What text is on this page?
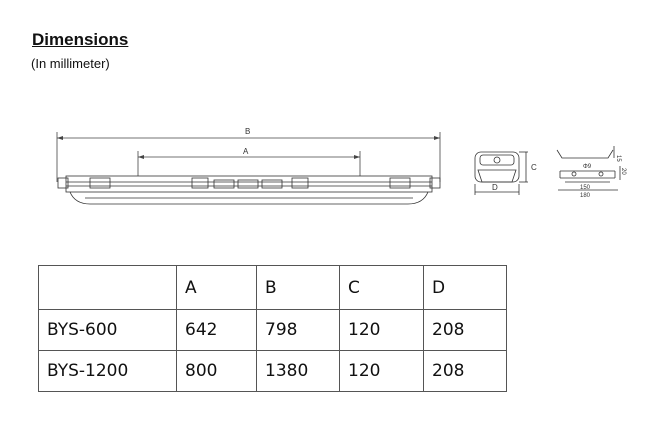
Dimensions
(In millimeter)
B
A
C
D
15
20
Φ9
150
180
	A	B	C	D
BYS-600	642	798	120	208
BYS-1200	800	1380	120	208
